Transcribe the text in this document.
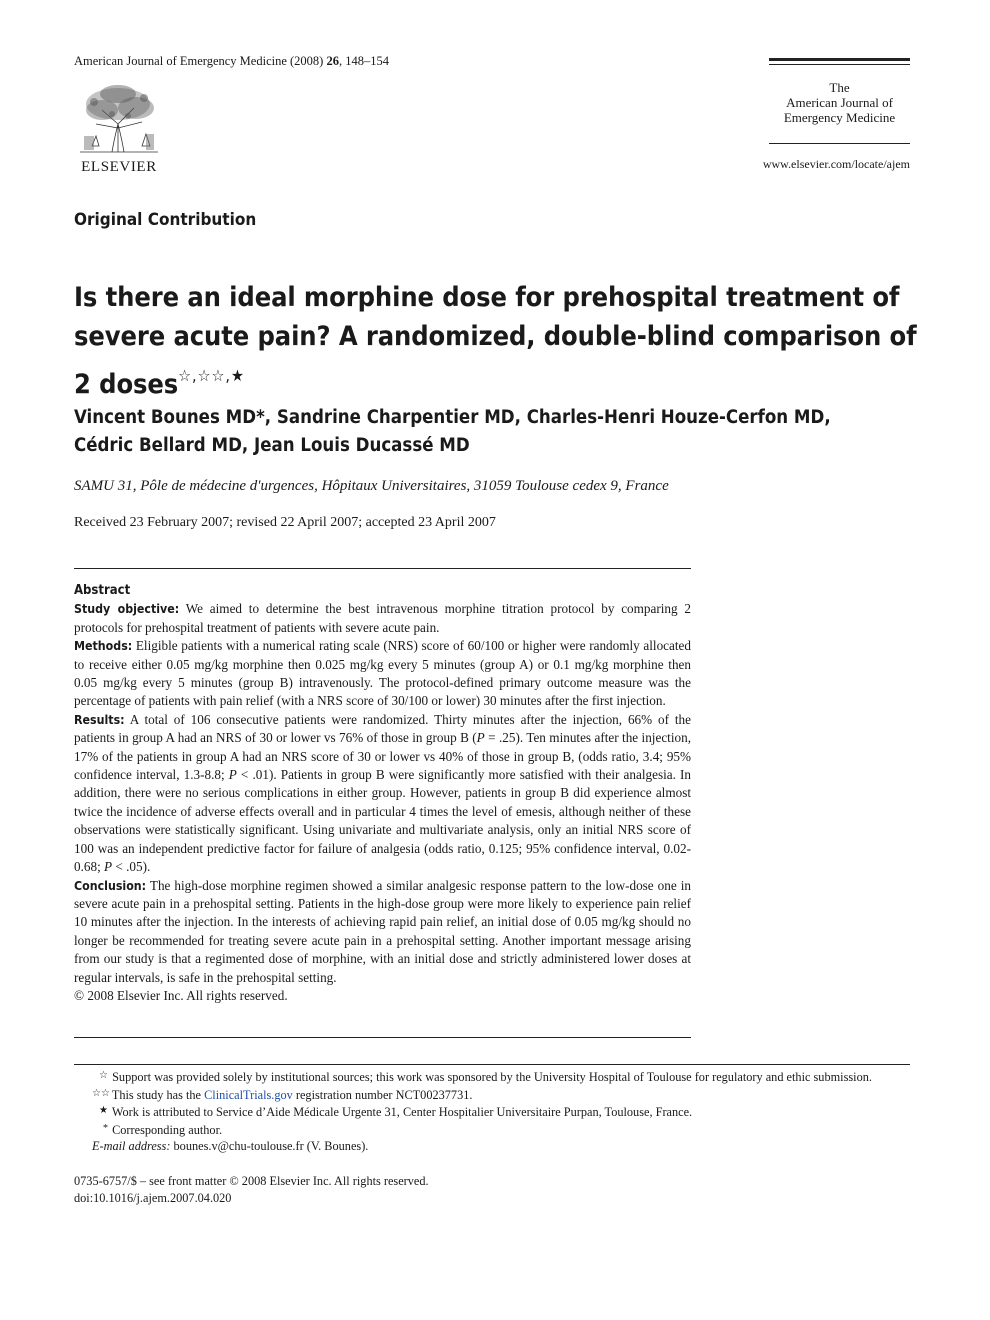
American Journal of Emergency Medicine (2008) 26, 148–154
ELSEVIER
The
American Journal of
Emergency Medicine
www.elsevier.com/locate/ajem
Original Contribution
Is there an ideal morphine dose for prehospital treatment of severe acute pain? A randomized, double-blind comparison of 2 doses☆,☆☆,★
Vincent Bounes MD*, Sandrine Charpentier MD, Charles-Henri Houze-Cerfon MD,
Cédric Bellard MD, Jean Louis Ducassé MD
SAMU 31, Pôle de médecine d'urgences, Hôpitaux Universitaires, 31059 Toulouse cedex 9, France
Received 23 February 2007; revised 22 April 2007; accepted 23 April 2007

Abstract

Study objective: We aimed to determine the best intravenous morphine titration protocol by comparing 2 protocols for prehospital treatment of patients with severe acute pain.

Methods: Eligible patients with a numerical rating scale (NRS) score of 60/100 or higher were randomly allocated to receive either 0.05 mg/kg morphine then 0.025 mg/kg every 5 minutes (group A) or 0.1 mg/kg morphine then 0.05 mg/kg every 5 minutes (group B) intravenously. The protocol-defined primary outcome measure was the percentage of patients with pain relief (with a NRS score of 30/100 or lower) 30 minutes after the first injection.

Results: A total of 106 consecutive patients were randomized. Thirty minutes after the injection, 66% of the patients in group A had an NRS of 30 or lower vs 76% of those in group B (P = .25). Ten minutes after the injection, 17% of the patients in group A had an NRS score of 30 or lower vs 40% of those in group B, (odds ratio, 3.4; 95% confidence interval, 1.3-8.8; P < .01). Patients in group B were significantly more satisfied with their analgesia. In addition, there were no serious complications in either group. However, patients in group B did experience almost twice the incidence of adverse effects overall and in particular 4 times the level of emesis, although neither of these observations were statistically significant. Using univariate and multivariate analysis, only an initial NRS score of 100 was an independent predictive factor for failure of analgesia (odds ratio, 0.125; 95% confidence interval, 0.02-0.68; P < .05).

Conclusion: The high-dose morphine regimen showed a similar analgesic response pattern to the low-dose one in severe acute pain in a prehospital setting. Patients in the high-dose group were more likely to experience pain relief 10 minutes after the injection. In the interests of achieving rapid pain relief, an initial dose of 0.05 mg/kg should no longer be recommended for treating severe acute pain in a prehospital setting. Another important message arising from our study is that a regimented dose of morphine, with an initial dose and strictly administered lower doses at regular intervals, is safe in the prehospital setting.

© 2008 Elsevier Inc. All rights reserved.

☆ Support was provided solely by institutional sources; this work was sponsored by the University Hospital of Toulouse for regulatory and ethic submission.
☆☆ This study has the ClinicalTrials.gov registration number NCT00237731.
★ Work is attributed to Service d’Aide Médicale Urgente 31, Center Hospitalier Universitaire Purpan, Toulouse, France.
* Corresponding author.
E-mail address: bounes.v@chu-toulouse.fr (V. Bounes).
0735-6757/$ – see front matter © 2008 Elsevier Inc. All rights reserved.
doi:10.1016/j.ajem.2007.04.020
